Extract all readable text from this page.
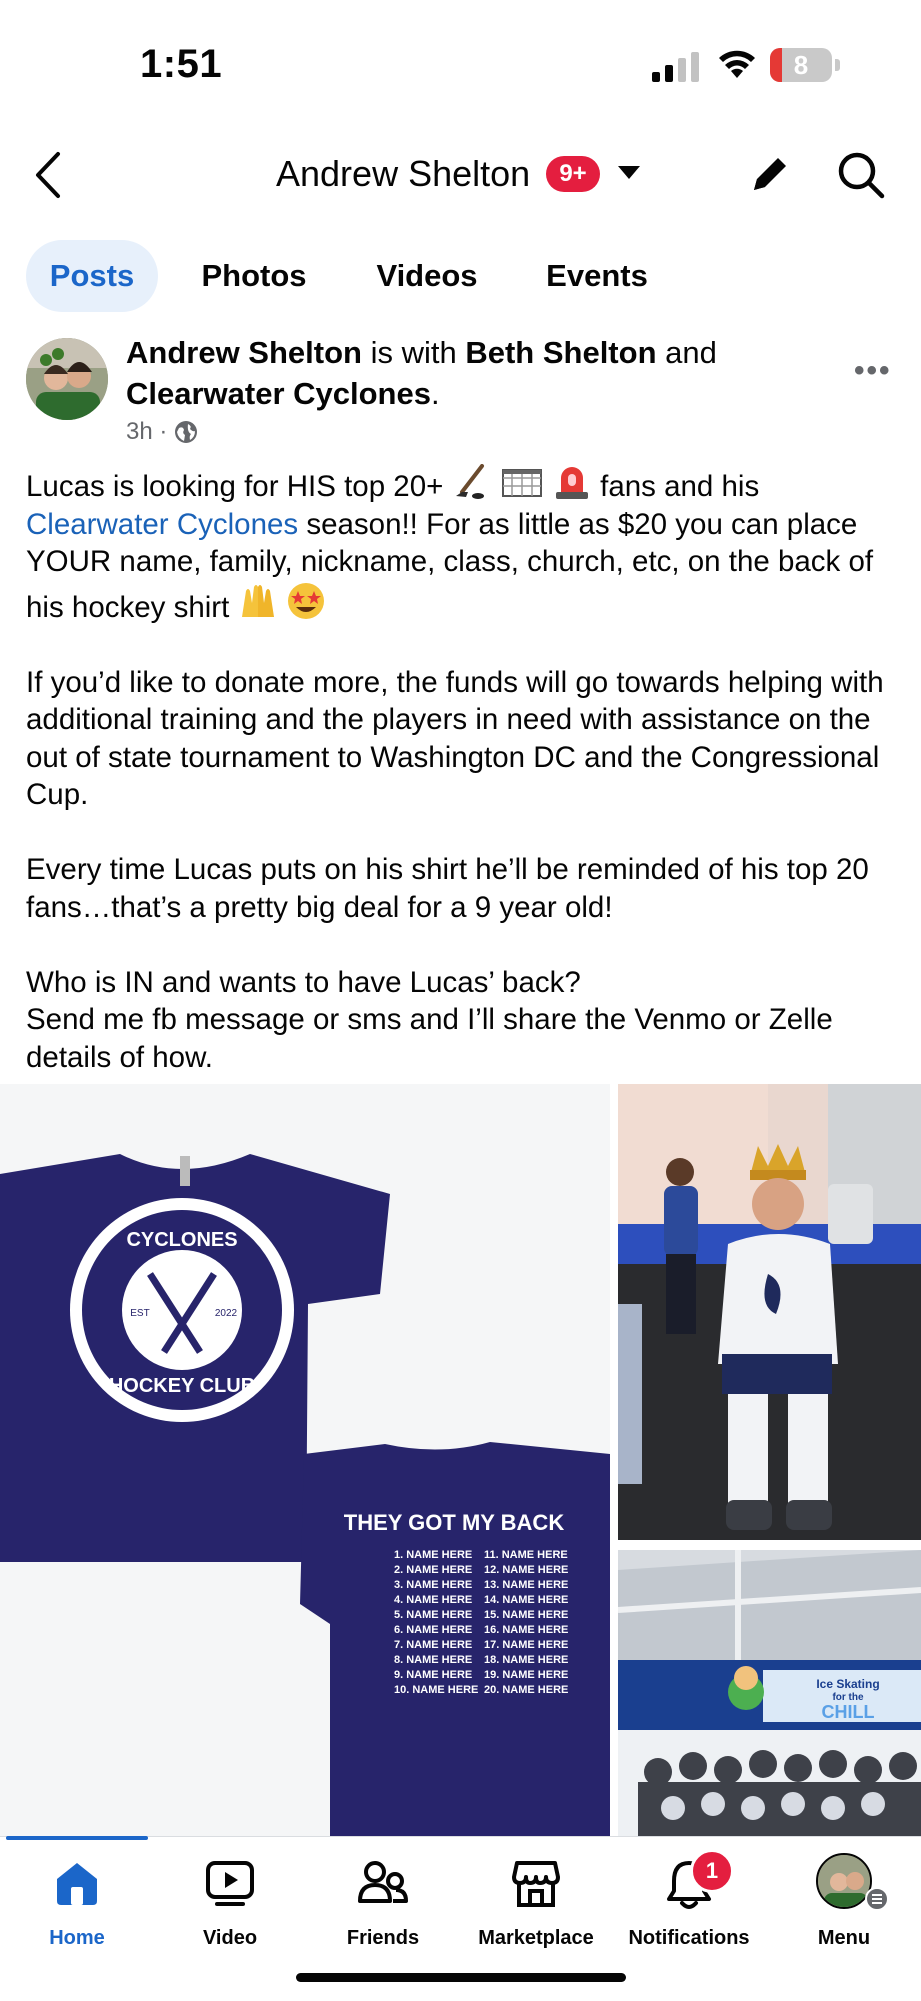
1:51	8
Andrew Shelton	9+
Posts	Photos	Videos	Events
Andrew Shelton is with Beth Shelton and Clearwater Cyclones.
3h ·
•••

Lucas is looking for HIS top 20+	fans and his
Clearwater Cyclones season!! For as little as $20 you can place YOUR name, family, nickname, class, church, etc, on the back of his hockey shirt

If you’d like to donate more, the funds will go towards helping with additional training and the players in need with assistance on the out of state tournament to Washington DC and the Congressional Cup.

Every time Lucas puts on his shirt he’ll be reminded of his top 20 fans…that’s a pretty big deal for a 9 year old!

Who is IN and wants to have Lucas’ back?
Send me fb message or sms and I’ll share the Venmo or Zelle details of how.

CYCLONES
HOCKEY CLUB
EST	2022
THEY GOT MY BACK
1. NAME HERE
2. NAME HERE
3. NAME HERE
4. NAME HERE
5. NAME HERE
6. NAME HERE
7. NAME HERE
8. NAME HERE
9. NAME HERE
10. NAME HERE
11. NAME HERE
12. NAME HERE
13. NAME HERE
14. NAME HERE
15. NAME HERE
16. NAME HERE
17. NAME HERE
18. NAME HERE
19. NAME HERE
20. NAME HERE	Ice Skating
for the
CHILL
Home	Video	Friends	Marketplace	Notifications	Menu
1
